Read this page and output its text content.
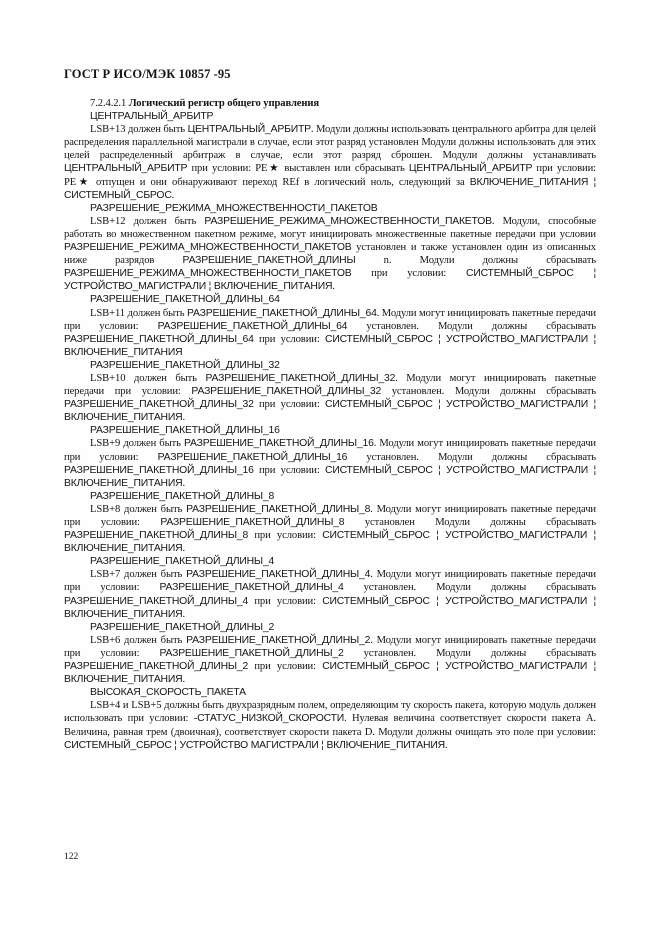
ГОСТ Р ИСО/МЭК 10857 -95

7.2.4.2.1 Логический регистр общего управления

ЦЕНТРАЛЬНЫЙ_АРБИТР

LSB+13 должен быть ЦЕНТРАЛЬНЫЙ_АРБИТР. Модули должны использовать центрального арбитра для целей распределения параллельной магистрали в случае, если этот разряд установлен Модули должны использовать для этих целей распределенный арбитраж в случае, если этот разряд сброшен. Модули должны устанавливать ЦЕНТРАЛЬНЫЙ_АРБИТР при условии: PE★ выставлен или сбрасывать ЦЕНТРАЛЬНЫЙ_АРБИТР при условии: PE★ отпущен и они обнаруживают переход REf в логический ноль, следующий за ВКЛЮЧЕНИЕ_ПИТАНИЯ ¦ СИСТЕМНЫЙ_СБРОС.

РАЗРЕШЕНИЕ_РЕЖИМА_МНОЖЕСТВЕННОСТИ_ПАКЕТОВ

LSB+12 должен быть РАЗРЕШЕНИЕ_РЕЖИМА_МНОЖЕСТВЕННОСТИ_ПАКЕТОВ. Модули, способные работать во множественном пакетном режиме, могут инициировать множественные пакетные передачи при условии РАЗРЕШЕНИЕ_РЕЖИМА_МНОЖЕСТВЕННОСТИ_ПАКЕТОВ установлен и также установлен один из описанных ниже разрядов РАЗРЕШЕНИЕ_ПАКЕТНОЙ_ДЛИНЫ n. Модули должны сбрасывать РАЗРЕШЕНИЕ_РЕЖИМА_МНОЖЕСТВЕННОСТИ_ПАКЕТОВ при условии: СИСТЕМНЫЙ_СБРОС ¦ УСТРОЙСТВО_МАГИСТРАЛИ ¦ ВКЛЮЧЕНИЕ_ПИТАНИЯ.

РАЗРЕШЕНИЕ_ПАКЕТНОЙ_ДЛИНЫ_64

LSB+11 должен быть РАЗРЕШЕНИЕ_ПАКЕТНОЙ_ДЛИНЫ_64. Модули могут инициировать пакетные передачи при условии: РАЗРЕШЕНИЕ_ПАКЕТНОЙ_ДЛИНЫ_64 установлен. Модули должны сбрасывать РАЗРЕШЕНИЕ_ПАКЕТНОЙ_ДЛИНЫ_64 при условии: СИСТЕМНЫЙ_СБРОС ¦ УСТРОЙСТВО_МАГИСТРАЛИ ¦ ВКЛЮЧЕНИЕ_ПИТАНИЯ

РАЗРЕШЕНИЕ_ПАКЕТНОЙ_ДЛИНЫ_32

LSB+10 должен быть РАЗРЕШЕНИЕ_ПАКЕТНОЙ_ДЛИНЫ_32. Модули могут инициировать пакетные передачи при условии: РАЗРЕШЕНИЕ_ПАКЕТНОЙ_ДЛИНЫ_32 установлен. Модули должны сбрасывать РАЗРЕШЕНИЕ_ПАКЕТНОЙ_ДЛИНЫ_32 при условии: СИСТЕМНЫЙ_СБРОС ¦ УСТРОЙСТВО_МАГИСТРАЛИ ¦ ВКЛЮЧЕНИЕ_ПИТАНИЯ.

РАЗРЕШЕНИЕ_ПАКЕТНОЙ_ДЛИНЫ_16

LSB+9 должен быть РАЗРЕШЕНИЕ_ПАКЕТНОЙ_ДЛИНЫ_16. Модули могут инициировать пакетные передачи при условии: РАЗРЕШЕНИЕ_ПАКЕТНОЙ_ДЛИНЫ_16 установлен. Модули должны сбрасывать РАЗРЕШЕНИЕ_ПАКЕТНОЙ_ДЛИНЫ_16 при условии: СИСТЕМНЫЙ_СБРОС ¦ УСТРОЙСТВО_МАГИСТРАЛИ ¦ ВКЛЮЧЕНИЕ_ПИТАНИЯ.

РАЗРЕШЕНИЕ_ПАКЕТНОЙ_ДЛИНЫ_8

LSB+8 должен быть РАЗРЕШЕНИЕ_ПАКЕТНОЙ_ДЛИНЫ_8. Модули могут инициировать пакетные передачи при условии: РАЗРЕШЕНИЕ_ПАКЕТНОЙ_ДЛИНЫ_8 установлен Модули должны сбрасывать РАЗРЕШЕНИЕ_ПАКЕТНОЙ_ДЛИНЫ_8 при условии: СИСТЕМНЫЙ_СБРОС ¦ УСТРОЙСТВО_МАГИСТРАЛИ ¦ ВКЛЮЧЕНИЕ_ПИТАНИЯ.

РАЗРЕШЕНИЕ_ПАКЕТНОЙ_ДЛИНЫ_4

LSB+7 должен быть РАЗРЕШЕНИЕ_ПАКЕТНОЙ_ДЛИНЫ_4. Модули могут инициировать пакетные передачи при условии: РАЗРЕШЕНИЕ_ПАКЕТНОЙ_ДЛИНЫ_4 установлен. Модули должны сбрасывать РАЗРЕШЕНИЕ_ПАКЕТНОЙ_ДЛИНЫ_4 при условии: СИСТЕМНЫЙ_СБРОС ¦ УСТРОЙСТВО_МАГИСТРАЛИ ¦ ВКЛЮЧЕНИЕ_ПИТАНИЯ.

РАЗРЕШЕНИЕ_ПАКЕТНОЙ_ДЛИНЫ_2

LSB+6 должен быть РАЗРЕШЕНИЕ_ПАКЕТНОЙ_ДЛИНЫ_2. Модули могут инициировать пакетные передачи при условии: РАЗРЕШЕНИЕ_ПАКЕТНОЙ_ДЛИНЫ_2 установлен. Модули должны сбрасывать РАЗРЕШЕНИЕ_ПАКЕТНОЙ_ДЛИНЫ_2 при условии: СИСТЕМНЫЙ_СБРОС ¦ УСТРОЙСТВО_МАГИСТРАЛИ ¦ ВКЛЮЧЕНИЕ_ПИТАНИЯ.

ВЫСОКАЯ_СКОРОСТЬ_ПАКЕТА

LSB+4 и LSB+5 должны быть двухразрядным полем, определяющим ту скорость пакета, которую модуль должен использовать при условии: -СТАТУС_НИЗКОЙ_СКОРОСТИ. Нулевая величина соответствует скорости пакета А. Величина, равная трем (двоичная), соответствует скорости пакета D. Модули должны очищать это поле при условии: СИСТЕМНЫЙ_СБРОС ¦ УСТРОЙСТВО МАГИСТРАЛИ ¦ ВКЛЮЧЕНИЕ_ПИТАНИЯ.

122
